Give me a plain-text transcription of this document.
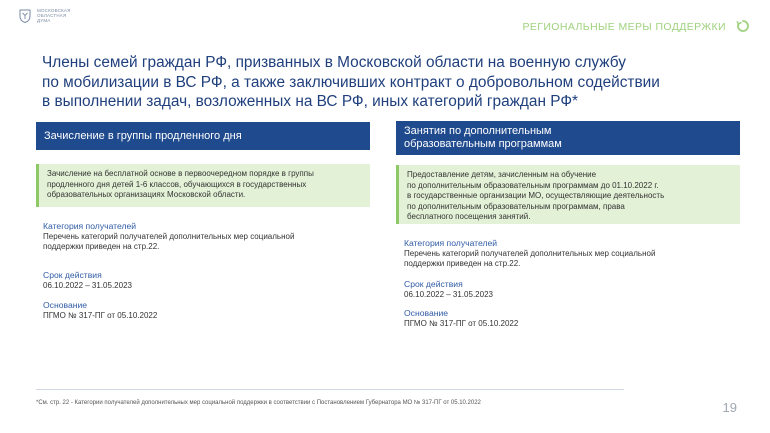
МОСКОВСКАЯ
ОБЛАСТНАЯ
ДУМА
РЕГИОНАЛЬНЫЕ МЕРЫ ПОДДЕРЖКИ
Члены семей граждан РФ, призванных в Московской области на военную службу
по мобилизации в ВС РФ, а также заключивших контракт о добровольном содействии
в выполнении задач, возложенных на ВС РФ, иных категорий граждан РФ*
Зачисление в группы продленного дня
Зачисление на бесплатной основе в первоочередном порядке в группы
продленного дня детей 1-6 классов, обучающихся в государственных
образовательных организациях Московской области.
Категория получателей
Перечень категорий получателей дополнительных мер социальной
поддержки приведен на стр.22.
Срок действия
06.10.2022 – 31.05.2023
Основание
ПГМО № 317-ПГ от 05.10.2022
Занятия по дополнительным
образовательным программам
Предоставление детям, зачисленным на обучение
по дополнительным образовательным программам до 01.10.2022 г.
в государственные организации МО, осуществляющие деятельность
по дополнительным образовательным программам, права
бесплатного посещения занятий.
Категория получателей
Перечень категорий получателей дополнительных мер социальной
поддержки приведен на стр.22.
Срок действия
06.10.2022 – 31.05.2023
Основание
ПГМО № 317-ПГ от 05.10.2022
*См. стр. 22 - Категории получателей дополнительных мер социальной поддержки в соответствии с Постановлением Губернатора МО № 317-ПГ от 05.10.2022	19
